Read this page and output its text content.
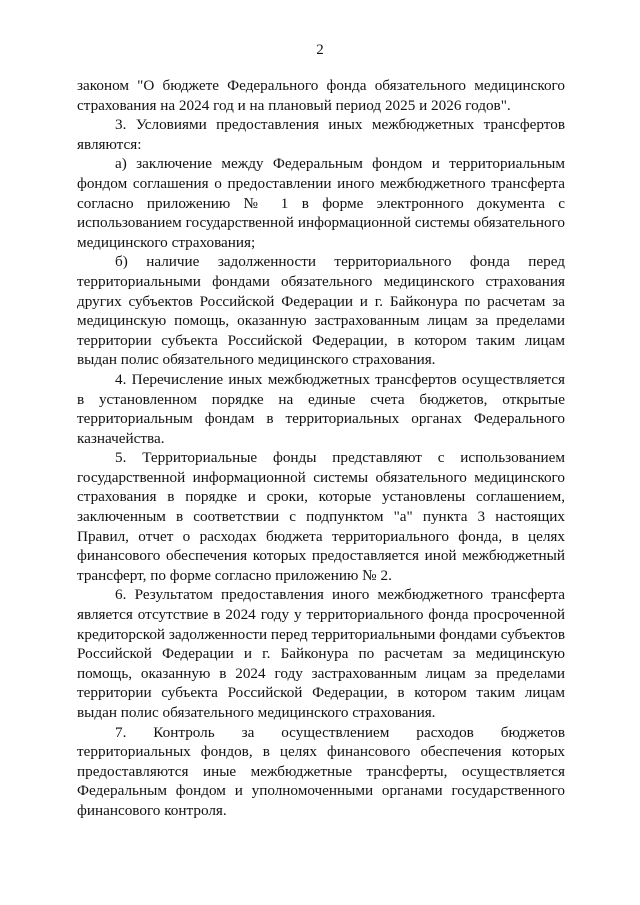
2

законом "О бюджете Федерального фонда обязательного медицинского страхования на 2024 год и на плановый период 2025 и 2026 годов".

3. Условиями предоставления иных межбюджетных трансфертов являются:

а) заключение между Федеральным фондом и территориальным фондом соглашения о предоставлении иного межбюджетного трансферта согласно приложению № 1 в форме электронного документа с использованием государственной информационной системы обязательного медицинского страхования;

б) наличие задолженности территориального фонда перед территориальными фондами обязательного медицинского страхования других субъектов Российской Федерации и г. Байконура по расчетам за медицинскую помощь, оказанную застрахованным лицам за пределами территории субъекта Российской Федерации, в котором таким лицам выдан полис обязательного медицинского страхования.

4. Перечисление иных межбюджетных трансфертов осуществляется в установленном порядке на единые счета бюджетов, открытые территориальным фондам в территориальных органах Федерального казначейства.

5. Территориальные фонды представляют с использованием государственной информационной системы обязательного медицинского страхования в порядке и сроки, которые установлены соглашением, заключенным в соответствии с подпунктом "а" пункта 3 настоящих Правил, отчет о расходах бюджета территориального фонда, в целях финансового обеспечения которых предоставляется иной межбюджетный трансферт, по форме согласно приложению № 2.

6. Результатом предоставления иного межбюджетного трансферта является отсутствие в 2024 году у территориального фонда просроченной кредиторской задолженности перед территориальными фондами субъектов Российской Федерации и г. Байконура по расчетам за медицинскую помощь, оказанную в 2024 году застрахованным лицам за пределами территории субъекта Российской Федерации, в котором таким лицам выдан полис обязательного медицинского страхования.

7. Контроль за осуществлением расходов бюджетов территориальных фондов, в целях финансового обеспечения которых предоставляются иные межбюджетные трансферты, осуществляется Федеральным фондом и уполномоченными органами государственного финансового контроля.
